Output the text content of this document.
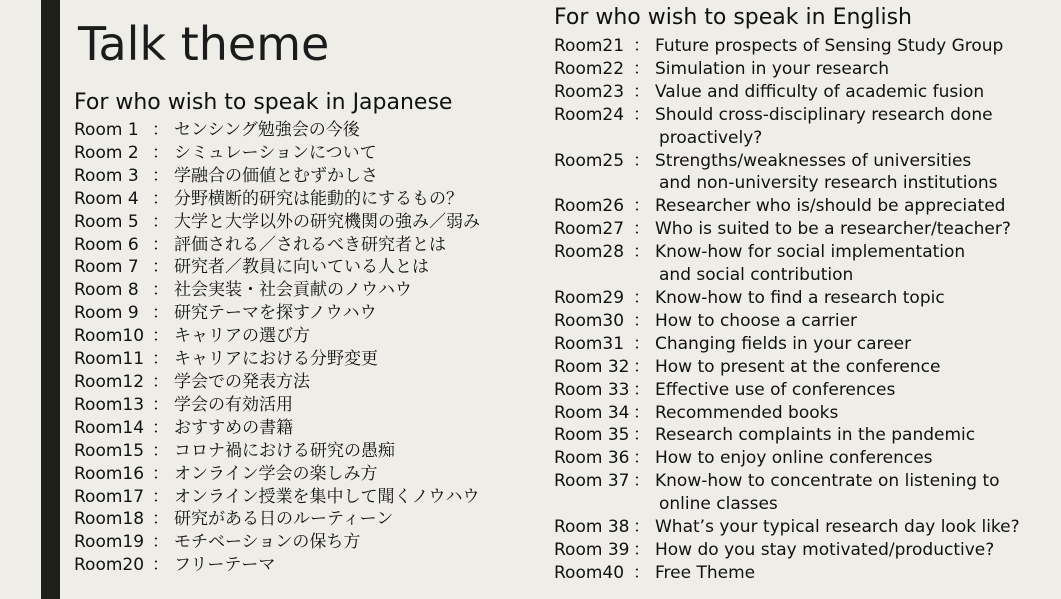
Talk theme
For who wish to speak in Japanese
Room 1 ： センシング勉強会の今後
Room 2 ： シミュレーションについて
Room 3 ： 学融合の価値とむずかしさ
Room 4 ： 分野横断的研究は能動的にするもの？
Room 5 ： 大学と大学以外の研究機関の強み／弱み
Room 6 ： 評価される／されるべき研究者とは
Room 7 ： 研究者／教員に向いている人とは
Room 8 ： 社会実装・社会貢献のノウハウ
Room 9 ： 研究テーマを探すノウハウ
Room10 ： キャリアの選び方
Room11 ： キャリアにおける分野変更
Room12 ： 学会での発表方法
Room13 ： 学会の有効活用
Room14 ： おすすめの書籍
Room15 ： コロナ禍における研究の愚痴
Room16 ： オンライン学会の楽しみ方
Room17 ： オンライン授業を集中して聞くノウハウ
Room18 ： 研究がある日のルーティーン
Room19 ： モチベーションの保ち方
Room20 ： フリーテーマ
For who wish to speak in English
Room21 ： Future prospects of Sensing Study Group
Room22 ： Simulation in your research
Room23 ： Value and difficulty of academic fusion
Room24 ： Should cross-disciplinary research done
proactively?
Room25 ： Strengths/weaknesses of universities
and non-university research institutions
Room26 ： Researcher who is/should be appreciated
Room27 ： Who is suited to be a researcher/teacher?
Room28 ： Know-how for social implementation
and social contribution
Room29 ： Know-how to find a research topic
Room30 ： How to choose a carrier
Room31 ： Changing fields in your career
Room 32 ： How to present at the conference
Room 33 ： Effective use of conferences
Room 34 ： Recommended books
Room 35 ： Research complaints in the pandemic
Room 36 ： How to enjoy online conferences
Room 37 ： Know-how to concentrate on listening to
online classes
Room 38 ： What’s your typical research day look like?
Room 39 ： How do you stay motivated/productive?
Room40 ： Free Theme
